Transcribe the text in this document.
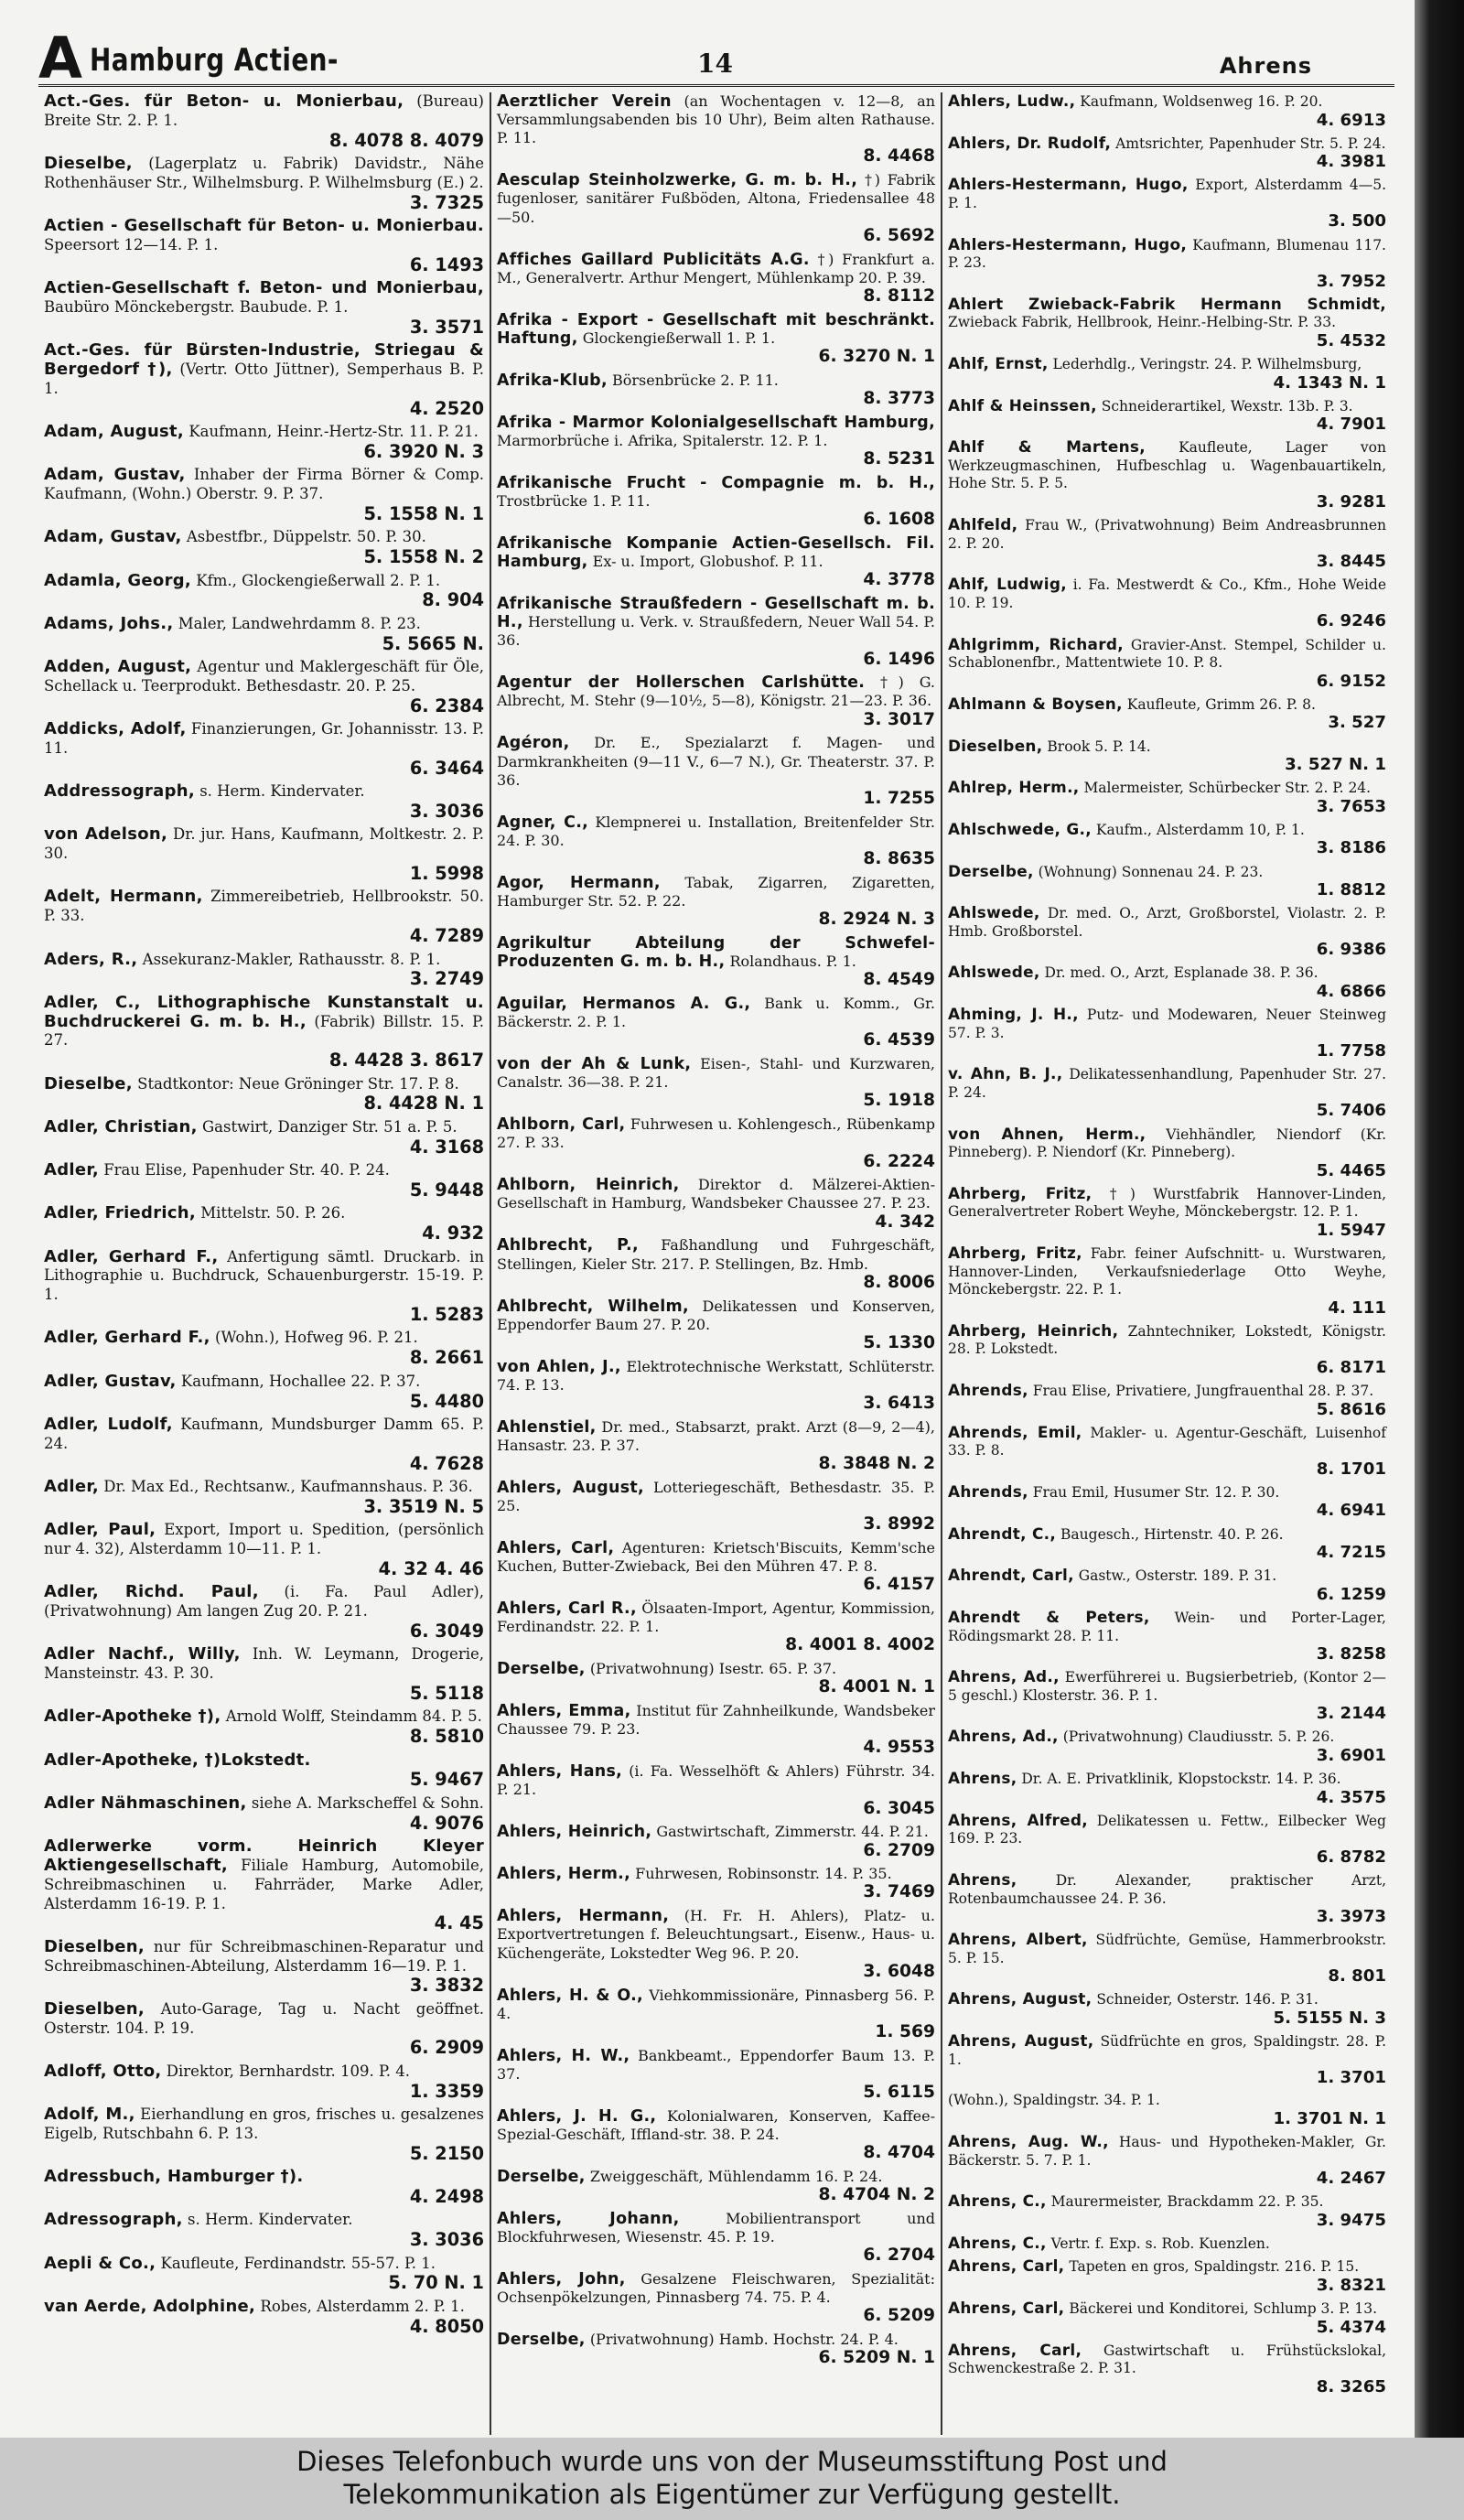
A Hamburg Actien-	14	Ahrens
Act.-Ges. für Beton- u. Monierbau, (Bureau) Breite Str. 2. P. 1.
8. 4078 8. 4079
Dieselbe, (Lagerplatz u. Fabrik) Davidstr., Nähe Rothenhäuser Str., Wilhelmsburg. P. Wilhelmsburg (E.) 2.
3. 7325
Actien - Gesellschaft für Beton- u. Monierbau. Speersort 12—14. P. 1.
6. 1493
Actien-Gesellschaft f. Beton- und Monierbau, Baubüro Mönckebergstr. Baubude. P. 1.
3. 3571
Act.-Ges. für Bürsten-Industrie, Striegau & Bergedorf †), (Vertr. Otto Jüttner), Semperhaus B. P. 1.
4. 2520
Adam, August, Kaufmann, Heinr.-Hertz-Str. 11. P. 21.
6. 3920 N. 3
Adam, Gustav, Inhaber der Firma Börner & Comp. Kaufmann, (Wohn.) Oberstr. 9. P. 37.
5. 1558 N. 1
Adam, Gustav, Asbestfbr., Düppelstr. 50. P. 30.
5. 1558 N. 2
Adamla, Georg, Kfm., Glockengießerwall 2. P. 1.
8. 904
Adams, Johs., Maler, Landwehrdamm 8. P. 23.
5. 5665 N.
Adden, August, Agentur und Maklergeschäft für Öle, Schellack u. Teerprodukt. Bethesdastr. 20. P. 25.
6. 2384
Addicks, Adolf, Finanzierungen, Gr. Johannisstr. 13. P. 11.
6. 3464
Addressograph, s. Herm. Kindervater.
3. 3036
von Adelson, Dr. jur. Hans, Kaufmann, Moltkestr. 2. P. 30.
1. 5998
Adelt, Hermann, Zimmereibetrieb, Hellbrookstr. 50. P. 33.
4. 7289
Aders, R., Assekuranz-Makler, Rathausstr. 8. P. 1.
3. 2749
Adler, C., Lithographische Kunstanstalt u. Buchdruckerei G. m. b. H., (Fabrik) Billstr. 15. P. 27.
8. 4428 3. 8617
Dieselbe, Stadtkontor: Neue Gröninger Str. 17. P. 8.
8. 4428 N. 1
Adler, Christian, Gastwirt, Danziger Str. 51 a. P. 5.
4. 3168
Adler, Frau Elise, Papenhuder Str. 40. P. 24.
5. 9448
Adler, Friedrich, Mittelstr. 50. P. 26.
4. 932
Adler, Gerhard F., Anfertigung sämtl. Druckarb. in Lithographie u. Buchdruck, Schauenburgerstr. 15-19. P. 1.
1. 5283
Adler, Gerhard F., (Wohn.), Hofweg 96. P. 21.
8. 2661
Adler, Gustav, Kaufmann, Hochallee 22. P. 37.
5. 4480
Adler, Ludolf, Kaufmann, Mundsburger Damm 65. P. 24.
4. 7628
Adler, Dr. Max Ed., Rechtsanw., Kaufmannshaus. P. 36.
3. 3519 N. 5
Adler, Paul, Export, Import u. Spedition, (persönlich nur 4. 32), Alsterdamm 10—11. P. 1.
4. 32 4. 46
Adler, Richd. Paul, (i. Fa. Paul Adler), (Privatwohnung) Am langen Zug 20. P. 21.
6. 3049
Adler Nachf., Willy, Inh. W. Leymann, Drogerie, Mansteinstr. 43. P. 30.
5. 5118
Adler-Apotheke †), Arnold Wolff, Steindamm 84. P. 5.
8. 5810
Adler-Apotheke, †)Lokstedt.
5. 9467
Adler Nähmaschinen, siehe A. Markscheffel & Sohn.
4. 9076
Adlerwerke vorm. Heinrich Kleyer Aktiengesellschaft, Filiale Hamburg, Automobile, Schreibmaschinen u. Fahrräder, Marke Adler, Alsterdamm 16-19. P. 1.
4. 45
Dieselben, nur für Schreibmaschinen-Reparatur und Schreibmaschinen-Abteilung, Alsterdamm 16—19. P. 1.
3. 3832
Dieselben, Auto-Garage, Tag u. Nacht geöffnet. Osterstr. 104. P. 19.
6. 2909
Adloff, Otto, Direktor, Bernhardstr. 109. P. 4.
1. 3359
Adolf, M., Eierhandlung en gros, frisches u. gesalzenes Eigelb, Rutschbahn 6. P. 13.
5. 2150
Adressbuch, Hamburger †).
4. 2498
Adressograph, s. Herm. Kindervater.
3. 3036
Aepli & Co., Kaufleute, Ferdinandstr. 55-57. P. 1.
5. 70 N. 1
van Aerde, Adolphine, Robes, Alsterdamm 2. P. 1.
4. 8050
Aerztlicher Verein (an Wochentagen v. 12—8, an Versammlungsabenden bis 10 Uhr), Beim alten Rathause. P. 11.
8. 4468
Aesculap Steinholzwerke, G. m. b. H., †) Fabrik fugenloser, sanitärer Fußböden, Altona, Friedensallee 48—50.
6. 5692
Affiches Gaillard Publicitäts A.G. †) Frankfurt a. M., Generalvertr. Arthur Mengert, Mühlenkamp 20. P. 39.
8. 8112
Afrika - Export - Gesellschaft mit beschränkt. Haftung, Glockengießerwall 1. P. 1.
6. 3270 N. 1
Afrika-Klub, Börsenbrücke 2. P. 11.
8. 3773
Afrika - Marmor Kolonialgesellschaft Hamburg, Marmorbrüche i. Afrika, Spitalerstr. 12. P. 1.
8. 5231
Afrikanische Frucht - Compagnie m. b. H., Trostbrücke 1. P. 11.
6. 1608
Afrikanische Kompanie Actien-Gesellsch. Fil. Hamburg, Ex- u. Import, Globushof. P. 11.
4. 3778
Afrikanische Straußfedern - Gesellschaft m. b. H., Herstellung u. Verk. v. Straußfedern, Neuer Wall 54. P. 36.
6. 1496
Agentur der Hollerschen Carlshütte. †) G. Albrecht, M. Stehr (9—10½, 5—8), Königstr. 21—23. P. 36.
3. 3017
Agéron, Dr. E., Spezialarzt f. Magen- und Darmkrankheiten (9—11 V., 6—7 N.), Gr. Theaterstr. 37. P. 36.
1. 7255
Agner, C., Klempnerei u. Installation, Breitenfelder Str. 24. P. 30.
8. 8635
Agor, Hermann, Tabak, Zigarren, Zigaretten, Hamburger Str. 52. P. 22.
8. 2924 N. 3
Agrikultur Abteilung der Schwefel-Produzenten G. m. b. H., Rolandhaus. P. 1.
8. 4549
Aguilar, Hermanos A. G., Bank u. Komm., Gr. Bäckerstr. 2. P. 1.
6. 4539
von der Ah & Lunk, Eisen-, Stahl- und Kurzwaren, Canalstr. 36—38. P. 21.
5. 1918
Ahlborn, Carl, Fuhrwesen u. Kohlengesch., Rübenkamp 27. P. 33.
6. 2224
Ahlborn, Heinrich, Direktor d. Mälzerei-Aktien-Gesellschaft in Hamburg, Wandsbeker Chaussee 27. P. 23.
4. 342
Ahlbrecht, P., Faßhandlung und Fuhrgeschäft, Stellingen, Kieler Str. 217. P. Stellingen, Bz. Hmb.
8. 8006
Ahlbrecht, Wilhelm, Delikatessen und Konserven, Eppendorfer Baum 27. P. 20.
5. 1330
von Ahlen, J., Elektrotechnische Werkstatt, Schlüterstr. 74. P. 13.
3. 6413
Ahlenstiel, Dr. med., Stabsarzt, prakt. Arzt (8—9, 2—4), Hansastr. 23. P. 37.
8. 3848 N. 2
Ahlers, August, Lotteriegeschäft, Bethesdastr. 35. P. 25.
3. 8992
Ahlers, Carl, Agenturen: Krietsch'Biscuits, Kemm'sche Kuchen, Butter-Zwieback, Bei den Mühren 47. P. 8.
6. 4157
Ahlers, Carl R., Ölsaaten-Import, Agentur, Kommission, Ferdinandstr. 22. P. 1.
8. 4001 8. 4002
Derselbe, (Privatwohnung) Isestr. 65. P. 37.
8. 4001 N. 1
Ahlers, Emma, Institut für Zahnheilkunde, Wandsbeker Chaussee 79. P. 23.
4. 9553
Ahlers, Hans, (i. Fa. Wesselhöft & Ahlers) Führstr. 34. P. 21.
6. 3045
Ahlers, Heinrich, Gastwirtschaft, Zimmerstr. 44. P. 21.
6. 2709
Ahlers, Herm., Fuhrwesen, Robinsonstr. 14. P. 35.
3. 7469
Ahlers, Hermann, (H. Fr. H. Ahlers), Platz- u. Exportvertretungen f. Beleuchtungsart., Eisenw., Haus- u. Küchengeräte, Lokstedter Weg 96. P. 20.
3. 6048
Ahlers, H. & O., Viehkommissionäre, Pinnasberg 56. P. 4.
1. 569
Ahlers, H. W., Bankbeamt., Eppendorfer Baum 13. P. 37.
5. 6115
Ahlers, J. H. G., Kolonialwaren, Konserven, Kaffee-Spezial-Geschäft, Iffland-str. 38. P. 24.
8. 4704
Derselbe, Zweiggeschäft, Mühlendamm 16. P. 24.
8. 4704 N. 2
Ahlers, Johann,	Mobilientransport und Blockfuhrwesen, Wiesenstr. 45. P. 19.
6. 2704
Ahlers, John, Gesalzene Fleischwaren, Spezialität: Ochsenpökelzungen, Pinnasberg 74. 75. P. 4.
6. 5209
Derselbe, (Privatwohnung) Hamb. Hochstr. 24. P. 4.
6. 5209 N. 1
Ahlers, Ludw., Kaufmann, Woldsenweg 16. P. 20.
4. 6913
Ahlers, Dr. Rudolf, Amtsrichter, Papenhuder Str. 5. P. 24.
4. 3981
Ahlers-Hestermann, Hugo, Export, Alsterdamm 4—5. P. 1.
3. 500
Ahlers-Hestermann, Hugo, Kaufmann, Blumenau 117. P. 23.
3. 7952
Ahlert Zwieback-Fabrik Hermann Schmidt, Zwieback Fabrik, Hellbrook, Heinr.-Helbing-Str. P. 33.
5. 4532
Ahlf, Ernst, Lederhdlg., Veringstr. 24. P. Wilhelmsburg,
4. 1343 N. 1
Ahlf & Heinssen, Schneiderartikel, Wexstr. 13b. P. 3.
4. 7901
Ahlf & Martens, Kaufleute, Lager von Werkzeugmaschinen, Hufbeschlag u. Wagenbauartikeln, Hohe Str. 5. P. 5.
3. 9281
Ahlfeld, Frau W., (Privatwohnung) Beim Andreasbrunnen 2. P. 20.
3. 8445
Ahlf, Ludwig, i. Fa. Mestwerdt & Co., Kfm., Hohe Weide 10. P. 19.
6. 9246
Ahlgrimm, Richard, Gravier-Anst. Stempel, Schilder u. Schablonenfbr., Mattentwiete 10. P. 8.
6. 9152
Ahlmann & Boysen, Kaufleute, Grimm 26. P. 8.
3. 527
Dieselben, Brook 5. P. 14.
3. 527 N. 1
Ahlrep, Herm., Malermeister, Schürbecker Str. 2. P. 24.
3. 7653
Ahlschwede, G., Kaufm., Alsterdamm 10, P. 1.
3. 8186
Derselbe, (Wohnung) Sonnenau 24. P. 23.
1. 8812
Ahlswede, Dr. med. O., Arzt, Großborstel, Violastr. 2. P. Hmb. Großborstel.
6. 9386
Ahlswede, Dr. med. O., Arzt, Esplanade 38. P. 36.
4. 6866
Ahming, J. H., Putz- und Modewaren, Neuer Steinweg 57. P. 3.
1. 7758
v. Ahn, B. J., Delikatessenhandlung, Papenhuder Str. 27. P. 24.
5. 7406
von Ahnen, Herm., Viehhändler, Niendorf (Kr. Pinneberg). P. Niendorf (Kr. Pinneberg).
5. 4465
Ahrberg, Fritz, †) Wurstfabrik Hannover-Linden, Generalvertreter Robert Weyhe, Mönckebergstr. 12. P. 1.
1. 5947
Ahrberg, Fritz, Fabr. feiner Aufschnitt- u. Wurstwaren, Hannover-Linden, Verkaufsniederlage Otto Weyhe, Mönckebergstr. 22. P. 1.
4. 111
Ahrberg, Heinrich, Zahntechniker, Lokstedt, Königstr. 28. P. Lokstedt.
6. 8171
Ahrends, Frau Elise, Privatiere, Jungfrauenthal 28. P. 37.
5. 8616
Ahrends, Emil, Makler- u. Agentur-Geschäft, Luisenhof 33. P. 8.
8. 1701
Ahrends, Frau Emil, Husumer Str. 12. P. 30.
4. 6941
Ahrendt, C., Baugesch., Hirtenstr. 40. P. 26.
4. 7215
Ahrendt, Carl, Gastw., Osterstr. 189. P. 31.
6. 1259
Ahrendt & Peters, Wein- und Porter-Lager, Rödingsmarkt 28. P. 11.
3. 8258
Ahrens, Ad., Ewerführerei u. Bugsierbetrieb, (Kontor 2—5 geschl.) Klosterstr. 36. P. 1.
3. 2144
Ahrens, Ad., (Privatwohnung) Claudiusstr. 5. P. 26.
3. 6901
Ahrens, Dr. A. E. Privatklinik, Klopstockstr. 14. P. 36.
4. 3575
Ahrens, Alfred, Delikatessen u. Fettw., Eilbecker Weg 169. P. 23.
6. 8782
Ahrens,	Dr. Alexander, praktischer Arzt, Rotenbaumchaussee 24. P. 36.
3. 3973
Ahrens, Albert, Südfrüchte, Gemüse, Hammerbrookstr. 5. P. 15.
8. 801
Ahrens, August, Schneider, Osterstr. 146. P. 31.
5. 5155 N. 3
Ahrens, August, Südfrüchte en gros, Spaldingstr. 28. P. 1.
1. 3701
(Wohn.), Spaldingstr. 34. P. 1.
1. 3701 N. 1
Ahrens, Aug. W., Haus- und Hypotheken-Makler, Gr. Bäckerstr. 5. 7. P. 1.
4. 2467
Ahrens, C., Maurermeister, Brackdamm 22. P. 35.
3. 9475
Ahrens, C., Vertr. f. Exp. s. Rob. Kuenzlen.
Ahrens, Carl, Tapeten en gros, Spaldingstr. 216. P. 15.
3. 8321
Ahrens, Carl, Bäckerei und Konditorei, Schlump 3. P. 13.
5. 4374
Ahrens, Carl, Gastwirtschaft u. Frühstückslokal, Schwenckestraße 2. P. 31.
8. 3265
Dieses Telefonbuch wurde uns von der Museumsstiftung Post und
Telekommunikation als Eigentümer zur Verfügung gestellt.
